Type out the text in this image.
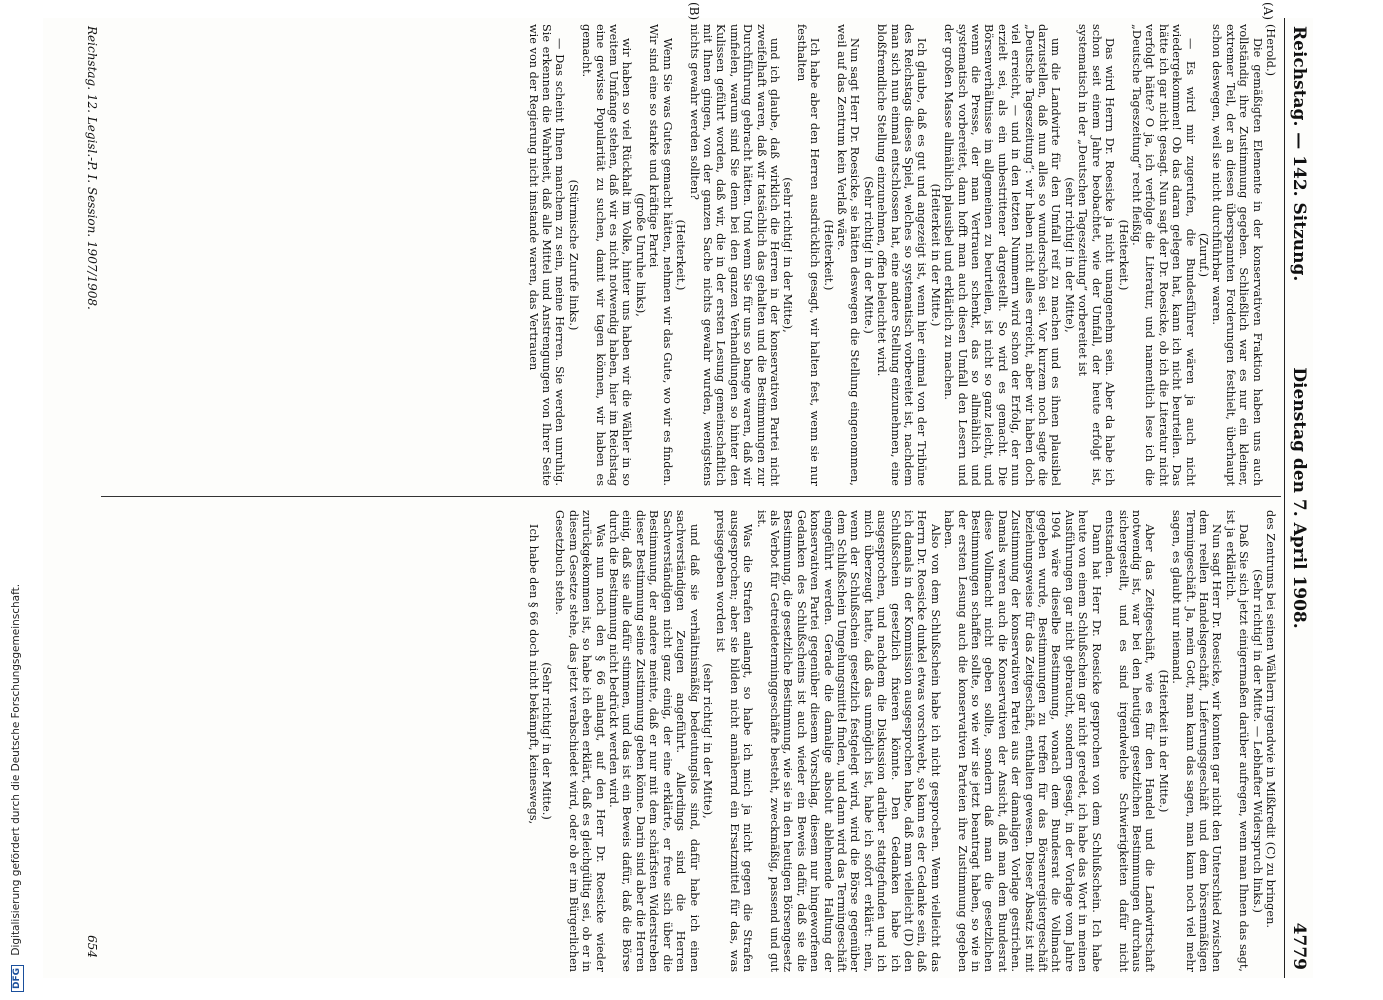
Reichstag. — 142. Sitzung.
Dienstag den 7. April 1908.
4779
(A)
(B)

(Herold.)

Die gemäßigten Elemente in der konservativen Fraktion haben uns auch vollständig ihre Zustimmung gegeben. Schließlich war es nur ein kleiner, extremer Teil, der an diesen überspannten Forderungen festhielt, überhaupt schon deswegen, weil sie nicht durchführbar waren.

(Zuruf.)

— Es wird mir zugerufen, die Bundesführer wären ja auch nicht wiedergekommen! Ob das daran gelegen hat, kann ich nicht beurteilen. Das hätte ich gar nicht gesagt. Nun sagt der Dr. Roesicke, ob ich die Literatur nicht verfolgt hätte? O ja, ich verfolge die Literatur, und namentlich lese ich die „Deutsche Tageszeitung“ recht fleißig.

(Heiterkeit.)

Das wird Herrn Dr. Roesicke ja nicht unangenehm sein. Aber da habe ich schon seit einem Jahre beobachtet, wie der Umfall, der heute erfolgt ist, systematisch in der „Deutschen Tageszeitung“ vorbereitet ist

(sehr richtig! in der Mitte),

um die Landwirte für den Umfall reif zu machen und es ihnen plausibel darzustellen, daß nun alles so wunderschön sei. Vor kurzem noch sagte die „Deutsche Tageszeitung“: wir haben nicht alles erreicht, aber wir haben doch viel erreicht, — und in den letzten Nummern wird schon der Erfolg, der nun erzielt sei, als ein unbestrittener dargestellt. So wird es gemacht. Die Börsenverhältnisse im allgemeinen zu beurteilen, ist nicht so ganz leicht, und wenn die Presse, der man Vertrauen schenkt, das so allmählich und systematisch vorbereitet, dann hofft man auch diesen Umfall den Lesern und der großen Masse allmählich plausibel und erklärlich zu machen.

(Heiterkeit in der Mitte.)

Ich glaube, daß es gut und angezeigt ist, wenn hier einmal von der Tribüne des Reichstags dieses Spiel, welches so systematisch vorbereitet ist, nachdem man sich nun einmal entschlossen hat, eine andere Stellung einzunehmen, eine bloßfremdliche Stellung einzunehmen, offen beleuchtet wird.

(Sehr richtig! in der Mitte.)

Nun sagt Herr Dr. Roesicke, sie hätten deswegen die Stellung eingenommen, weil auf das Zentrum kein Verlaß wäre.

(Heiterkeit.)

Ich habe aber den Herren ausdrücklich gesagt, wir halten fest, wenn sie nur festhalten

(sehr richtig! in der Mitte),

und ich glaube, daß wirklich die Herren in der konservativen Partei nicht zweifelhaft waren, daß wir tatsächlich das gehalten und die Bestimmungen zur Durchführung gebracht hätten. Und wenn Sie für uns so bange waren, daß wir umfielen, warum sind Sie denn bei den ganzen Verhandlungen so hinter den Kulissen geführt worden, daß wir, die in der ersten Lesung gemeinschaftlich mit Ihnen gingen, von der ganzen Sache nichts gewahr wurden, wenigstens nichts gewahr werden sollten?

(Heiterkeit.)

Wenn Sie was Gutes gemacht hätten, nehmen wir das Gute, wo wir es finden. Wir sind eine so starke und kräftige Partei

(große Unruhe links),

wir haben so viel Rückhalt im Volke, hinter uns haben wir die Wähler in so weitem Umfange stehen, daß wir es nicht notwendig haben, hier im Reichstag eine gewisse Popularität zu suchen, damit wir tagen können, wir haben es gemacht.

(Stürmische Zurufe links.)

— Das scheint Ihnen manchem zu sein, meine Herren. Sie werden unruhig. Sie erkennen die Wahrheit, daß alle Mittel und Anstrengungen von Ihrer Seite wie von der Regierung nicht imstande waren, das Vertrauen

des Zentrums bei seinen Wählern irgendwie in Mißkredit (C) zu bringen.

(Sehr richtig! in der Mitte. — Lebhafter Widerspruch links.)

Daß Sie sich jetzt einigermaßen darüber aufregen, wenn man Ihnen das sagt, ist ja erklärlich.

Nun sagt Herr Dr. Roesicke, wir konnten gar nicht den Unterschied zwischen dem reellen Handelsgeschäft, Lieferungsgeschäft und dem börsenmäßigen Termingeschäft. Ja, mein Gott, man kann das sagen, man kann noch viel mehr sagen, es glaubt nur niemand.

(Heiterkeit in der Mitte.)

Aber das Zeitgeschäft, wie es für den Handel und die Landwirtschaft notwendig ist, war bei den heutigen gesetzlichen Bestimmungen durchaus sichergestellt, und es sind irgendwelche Schwierigkeiten dafür nicht entstanden.

Dann hat Herr Dr. Roesicke gesprochen von dem Schlußschein. Ich habe heute von einem Schlußschein gar nicht geredet, ich habe das Wort in meinen Ausführungen gar nicht gebraucht, sondern gesagt, in der Vorlage vom Jahre 1904 wäre dieselbe Bestimmung, wonach dem Bundesrat die Vollmacht gegeben wurde, Bestimmungen zu treffen für das Börsenregistergeschäft beziehungsweise für das Zeitgeschäft, enthalten gewesen. Dieser Absatz ist mit Zustimmung der konservativen Partei aus der damaligen Vorlage gestrichen. Damals waren auch die Konservativen der Ansicht, daß man dem Bundesrat diese Vollmacht nicht geben sollte, sondern daß man die gesetzlichen Bestimmungen schaffen sollte, so wie wir sie jetzt beantragt haben, so wie in der ersten Lesung auch die konservativen Parteien ihre Zustimmung gegeben haben.

Also von dem Schlußschein habe ich nicht gesprochen. Wenn vielleicht das Herrn Dr. Roesicke dunkel etwas vorschwebt, so kann es der Gedanke sein, daß ich damals in der Kommission ausgesprochen habe, daß man vielleicht (D) den Schlußschein gesetzlich fixieren könnte. Den Gedanken habe ich ausgesprochen, und nachdem die Diskussion darüber stattgefunden und ich mich überzeugt hatte, daß das unmöglich ist, habe ich sofort erklärt: nein, wenn der Schlußschein gesetzlich festgelegt wird, wird die Börse gegenüber dem Schlußschein Umgehungsmittel finden, und dann wird das Termingeschäft eingeführt werden. Gerade die damalige absolut ablehnende Haltung der konservativen Partei gegenüber diesem Vorschlag, diesem nur hingeworfenen Gedanken des Schlußscheins ist auch wieder ein Beweis dafür, daß sie die Bestimmung, die gesetzliche Bestimmung, wie sie in den heutigen Börsengesetz als Verbot für Getreideterminggeschäfte besteht, zweckmäßig, passend und gut ist.

Was die Strafen anlangt, so habe ich mich ja nicht gegen die Strafen ausgesprochen; aber sie bilden nicht annähernd ein Ersatzmittel für das, was preisgegeben worden ist

(sehr richtig! in der Mitte),

und daß sie verhältnismäßig bedeutungslos sind, dafür habe ich einen sachverständigen Zeugen angeführt. Allerdings sind die Herren Sachverständigen nicht ganz einig, der eine erklärte, er freue sich über die Bestimmung, der andere meinte, daß er nur mit dem schärfsten Widerstreben dieser Bestimmung seine Zustimmung geben könne. Darin sind aber die Herren einig, daß sie alle dafür stimmen, und das ist ein Beweis dafür, daß die Börse durch die Bestimmung nicht bedrückt werden wird.

Was nun noch den § 66 anlangt, auf den Herr Dr. Roesicke wieder zurückgekommen ist, so habe ich eben erklärt, daß es gleichgültig sei, ob er in diesem Gesetze stehe, das jetzt verabschiedet wird, oder ob er im Bürgerlichen Gesetzbuch stehe.

(Sehr richtig! in der Mitte.)

Ich habe den § 66 doch nicht bekämpft, keineswegs,

Reichstag. 12. Legisl.-P. I. Session. 1907/1908.
654
DFG Digitalisierung gefördert durch die Deutsche Forschungsgemeinschaft.
